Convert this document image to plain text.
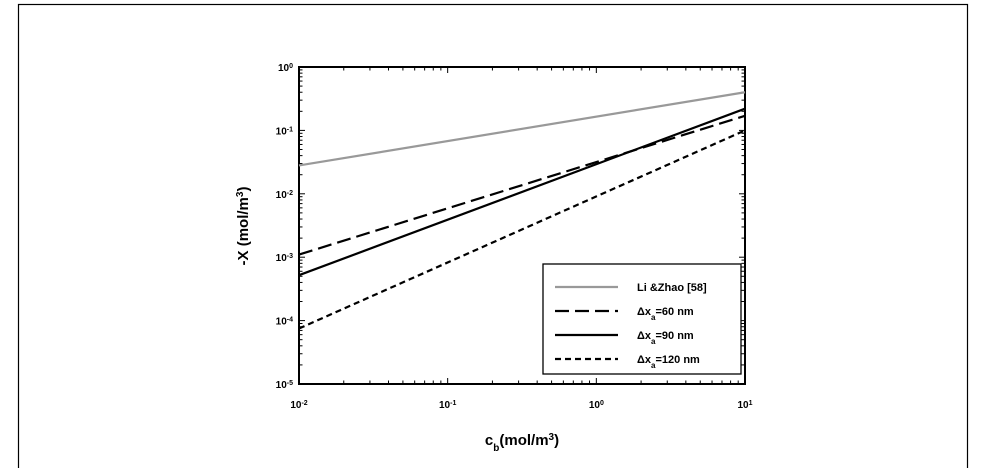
$10^{-2}$	$10^{-1}$	$10^0$	$10^1$
$10^0$
$10^{-1}$
$10^{-2}$
$10^{-3}$
$10^{-4}$
$10^{-5}$
$c_b(mol/m^3)$
-X $(mol/m^3)$
Li &Zhao [58]
$\Delta x_a=60$ nm
$\Delta x_a=90$ nm
$\Delta x_a=120$ nm
